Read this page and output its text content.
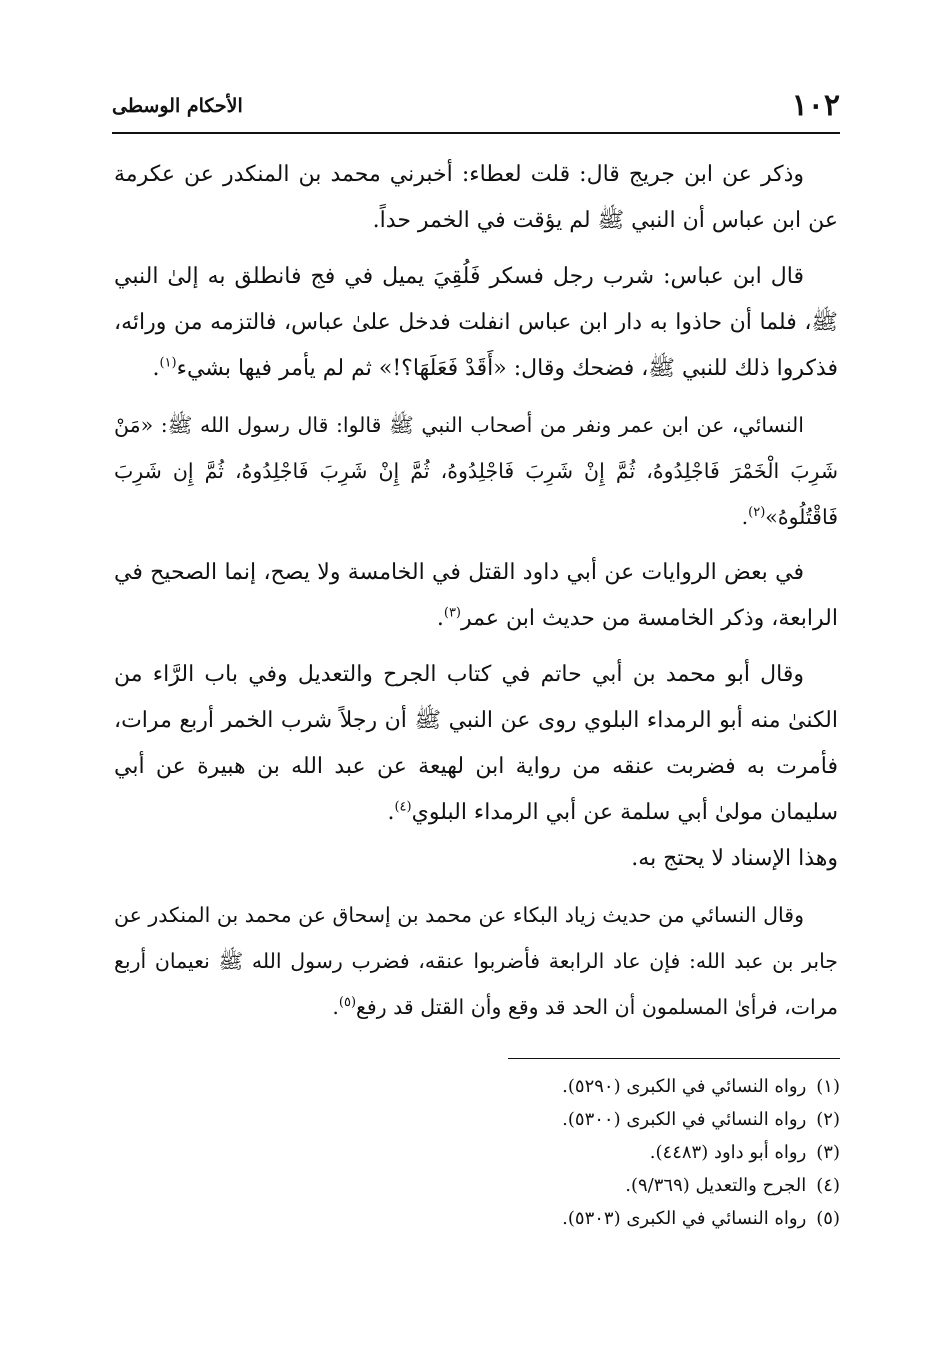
١٠٢
الأحكام الوسطى

وذكر عن ابن جريج قال: قلت لعطاء: أخبرني محمد بن المنكدر عن عكرمة عن ابن عباس أن النبي ﷺ لم يؤقت في الخمر حداً.

قال ابن عباس: شرب رجل فسكر فَلُقِيَ يميل في فج فانطلق به إلىٰ النبي ﷺ، فلما أن حاذوا به دار ابن عباس انفلت فدخل علىٰ عباس، فالتزمه من ورائه، فذكروا ذلك للنبي ﷺ، فضحك وقال: «أَقَدْ فَعَلَهَا؟!» ثم لم يأمر فيها بشيء$^{(١)}$.

النسائي، عن ابن عمر ونفر من أصحاب النبي ﷺ قالوا: قال رسول الله ﷺ: «مَنْ شَرِبَ الْخَمْرَ فَاجْلِدُوهُ، ثُمَّ إِنْ شَرِبَ فَاجْلِدُوهُ، ثُمَّ إِنْ شَرِبَ فَاجْلِدُوهُ، ثُمَّ إِن شَرِبَ فَاقْتُلُوهُ»$^{(٢)}$.

في بعض الروايات عن أبي داود القتل في الخامسة ولا يصح، إنما الصحيح في الرابعة، وذكر الخامسة من حديث ابن عمر$^{(٣)}$.

وقال أبو محمد بن أبي حاتم في كتاب الجرح والتعديل وفي باب الرَّاء من الكنىٰ منه أبو الرمداء البلوي روى عن النبي ﷺ أن رجلاً شرب الخمر أربع مرات، فأمرت به فضربت عنقه من رواية ابن لهيعة عن عبد الله بن هبيرة عن أبي سليمان مولىٰ أبي سلمة عن أبي الرمداء البلوي$^{(٤)}$.

وهذا الإسناد لا يحتج به.

وقال النسائي من حديث زياد البكاء عن محمد بن إسحاق عن محمد بن المنكدر عن جابر بن عبد الله: فإن عاد الرابعة فأضربوا عنقه، فضرب رسول الله ﷺ نعيمان أربع مرات، فرأىٰ المسلمون أن الحد قد وقع وأن القتل قد رفع$^{(٥)}$.

(١)رواه النسائي في الكبرى (٥٢٩٠).
(٢)رواه النسائي في الكبرى (٥٣٠٠).
(٣)رواه أبو داود (٤٤٨٣).
(٤)الجرح والتعديل (٩/٣٦٩).
(٥)رواه النسائي في الكبرى (٥٣٠٣).
